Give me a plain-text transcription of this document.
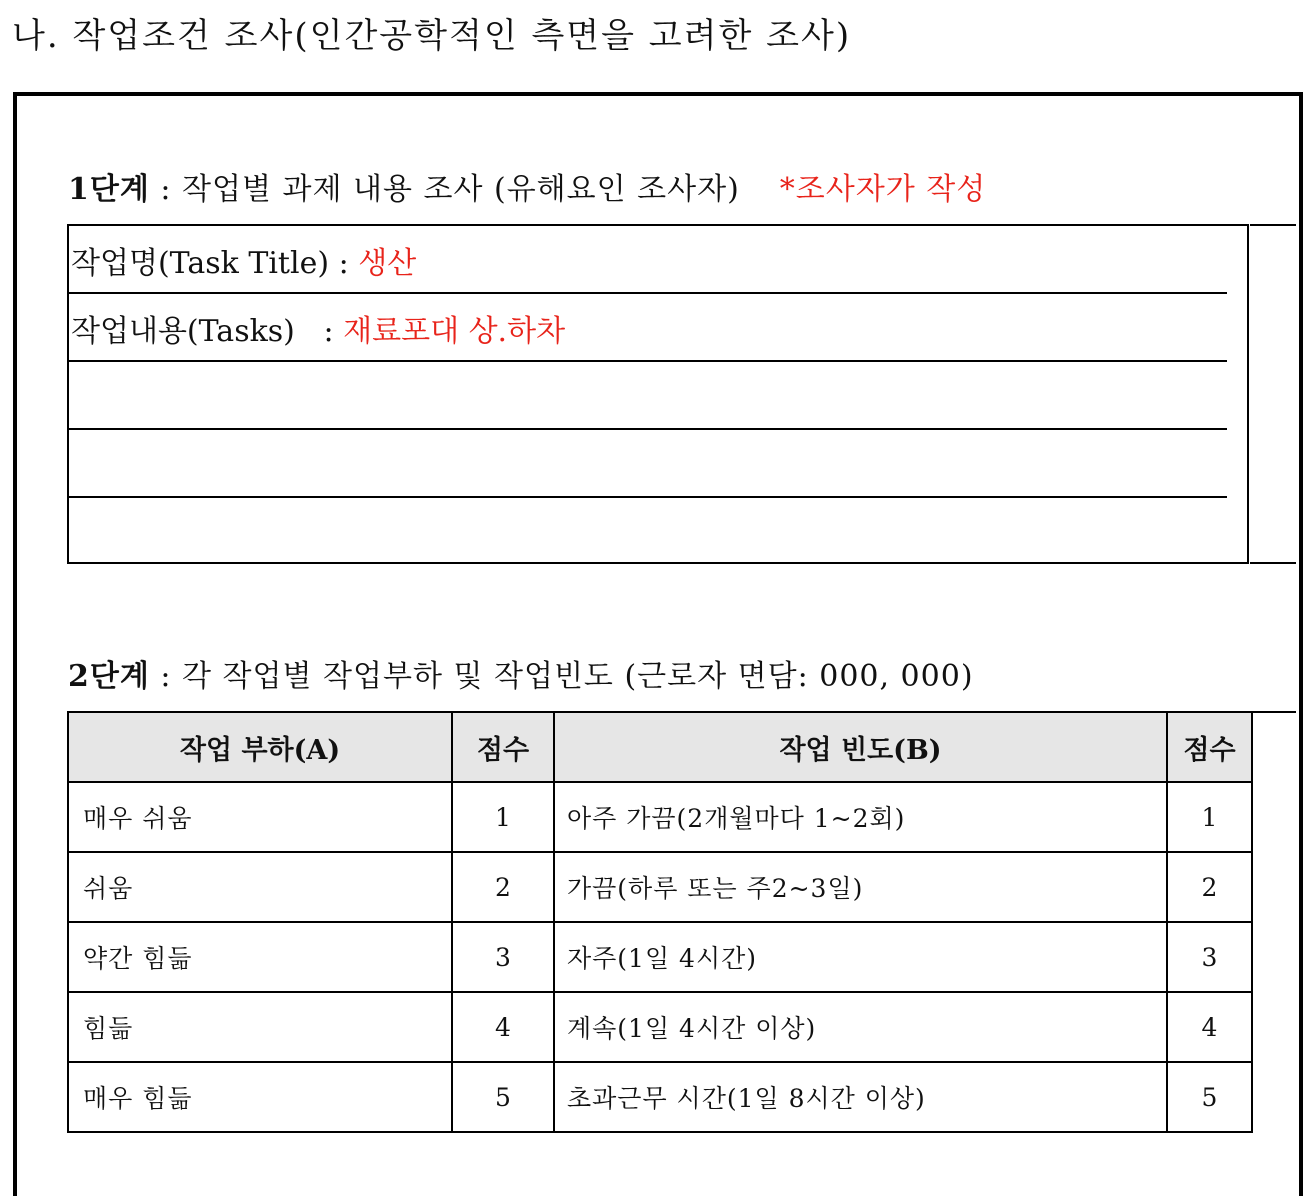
나. 작업조건 조사(인간공학적인 측면을 고려한 조사)
1단계 : 작업별 과제 내용 조사 (유해요인 조사자) *조사자가 작성
작업명(Task Title) : 생산
작업내용(Tasks)   : 재료포대 상.하차
2단계 : 각 작업별 작업부하 및 작업빈도 (근로자 면담: 000, 000)
작업 부하(A)	점수	작업 빈도(B)	점수
매우 쉬움	1	아주 가끔(2개월마다 1~2회)	1
쉬움	2	가끔(하루 또는 주2~3일)	2
약간 힘듦	3	자주(1일 4시간)	3
힘듦	4	계속(1일 4시간 이상)	4
매우 힘듦	5	초과근무 시간(1일 8시간 이상)	5
